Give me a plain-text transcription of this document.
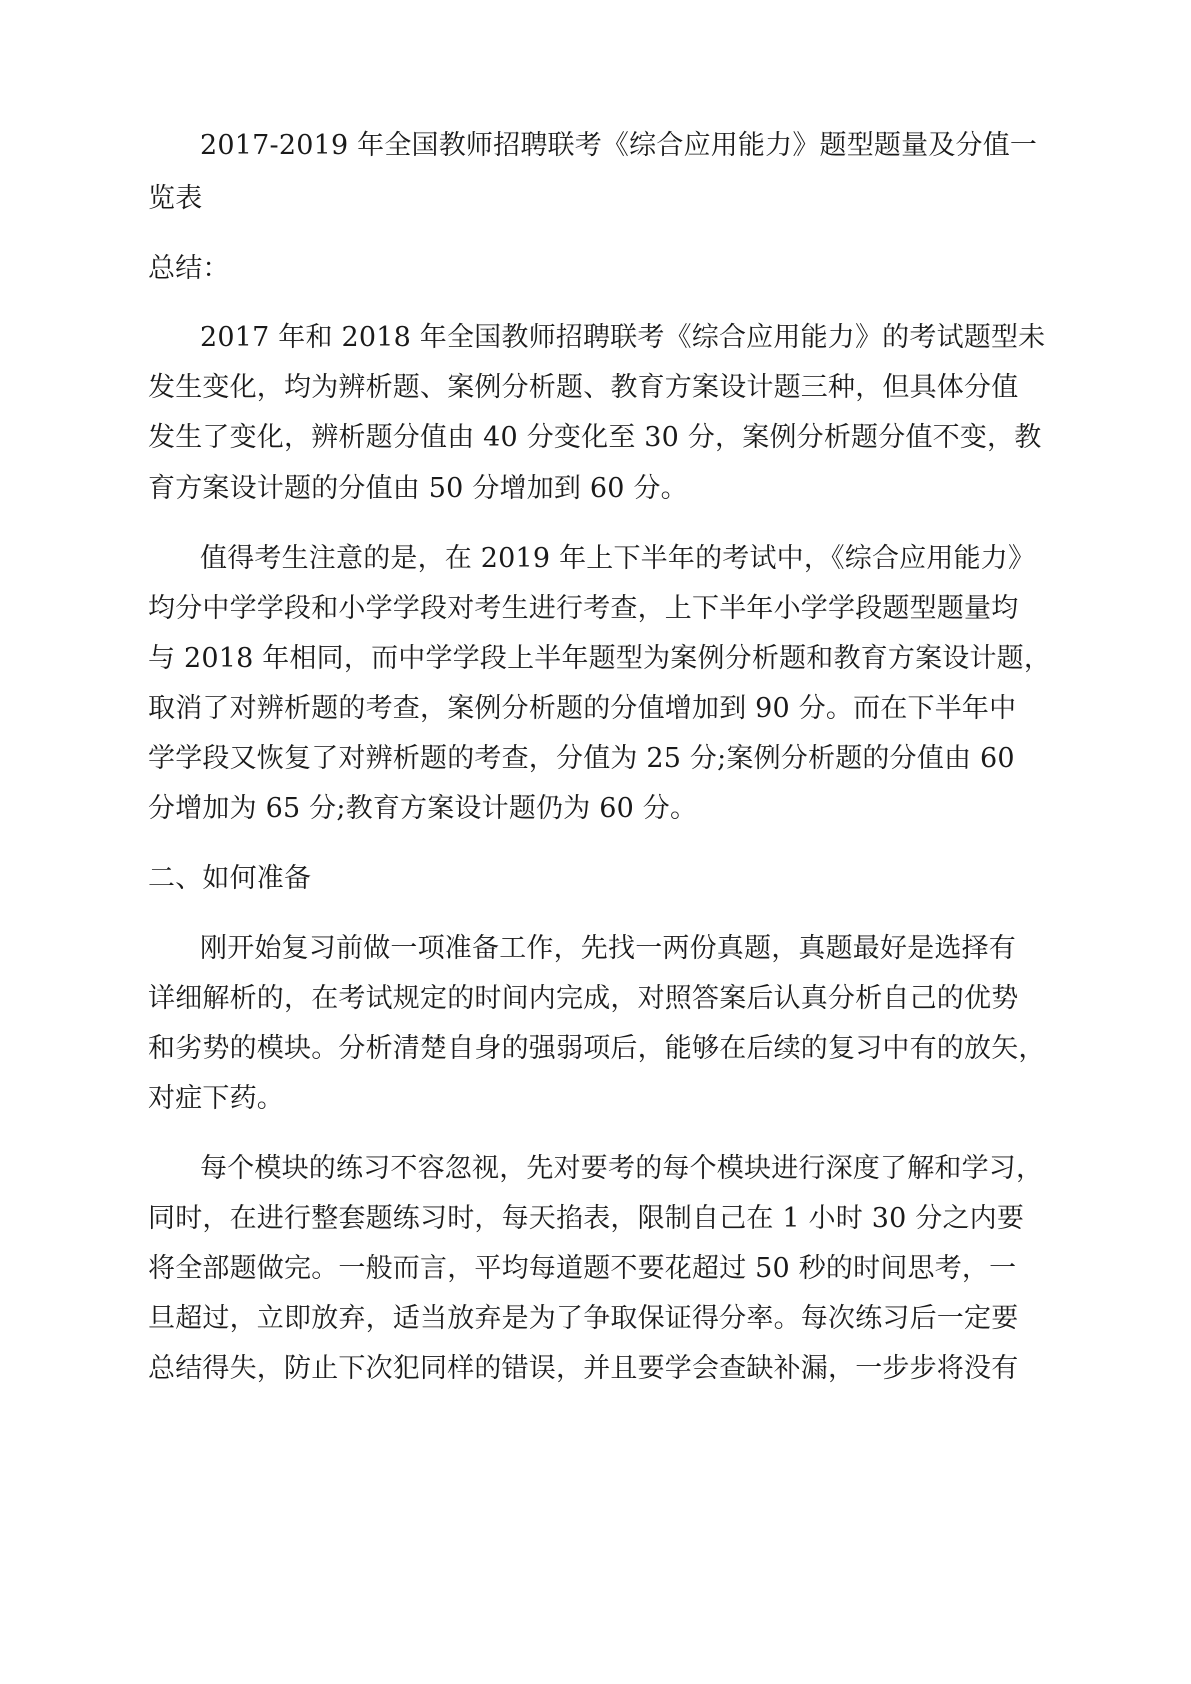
2017-2019 年全国教师招聘联考《综合应用能力》题型题量及分值一
览表
总结：
2017 年和 2018 年全国教师招聘联考《综合应用能力》的考试题型未
发生变化，均为辨析题、案例分析题、教育方案设计题三种，但具体分值
发生了变化，辨析题分值由 40 分变化至 30 分，案例分析题分值不变，教
育方案设计题的分值由 50 分增加到 60 分。
值得考生注意的是，在 2019 年上下半年的考试中，《综合应用能力》
均分中学学段和小学学段对考生进行考查，上下半年小学学段题型题量均
与 2018 年相同，而中学学段上半年题型为案例分析题和教育方案设计题，
取消了对辨析题的考查，案例分析题的分值增加到 90 分。而在下半年中
学学段又恢复了对辨析题的考查，分值为 25 分;案例分析题的分值由 60
分增加为 65 分;教育方案设计题仍为 60 分。
二、如何准备
刚开始复习前做一项准备工作，先找一两份真题，真题最好是选择有
详细解析的，在考试规定的时间内完成，对照答案后认真分析自己的优势
和劣势的模块。分析清楚自身的强弱项后，能够在后续的复习中有的放矢，
对症下药。
每个模块的练习不容忽视，先对要考的每个模块进行深度了解和学习，
同时，在进行整套题练习时，每天掐表，限制自己在 1 小时 30 分之内要
将全部题做完。一般而言，平均每道题不要花超过 50 秒的时间思考，一
旦超过，立即放弃，适当放弃是为了争取保证得分率。每次练习后一定要
总结得失，防止下次犯同样的错误，并且要学会查缺补漏，一步步将没有
